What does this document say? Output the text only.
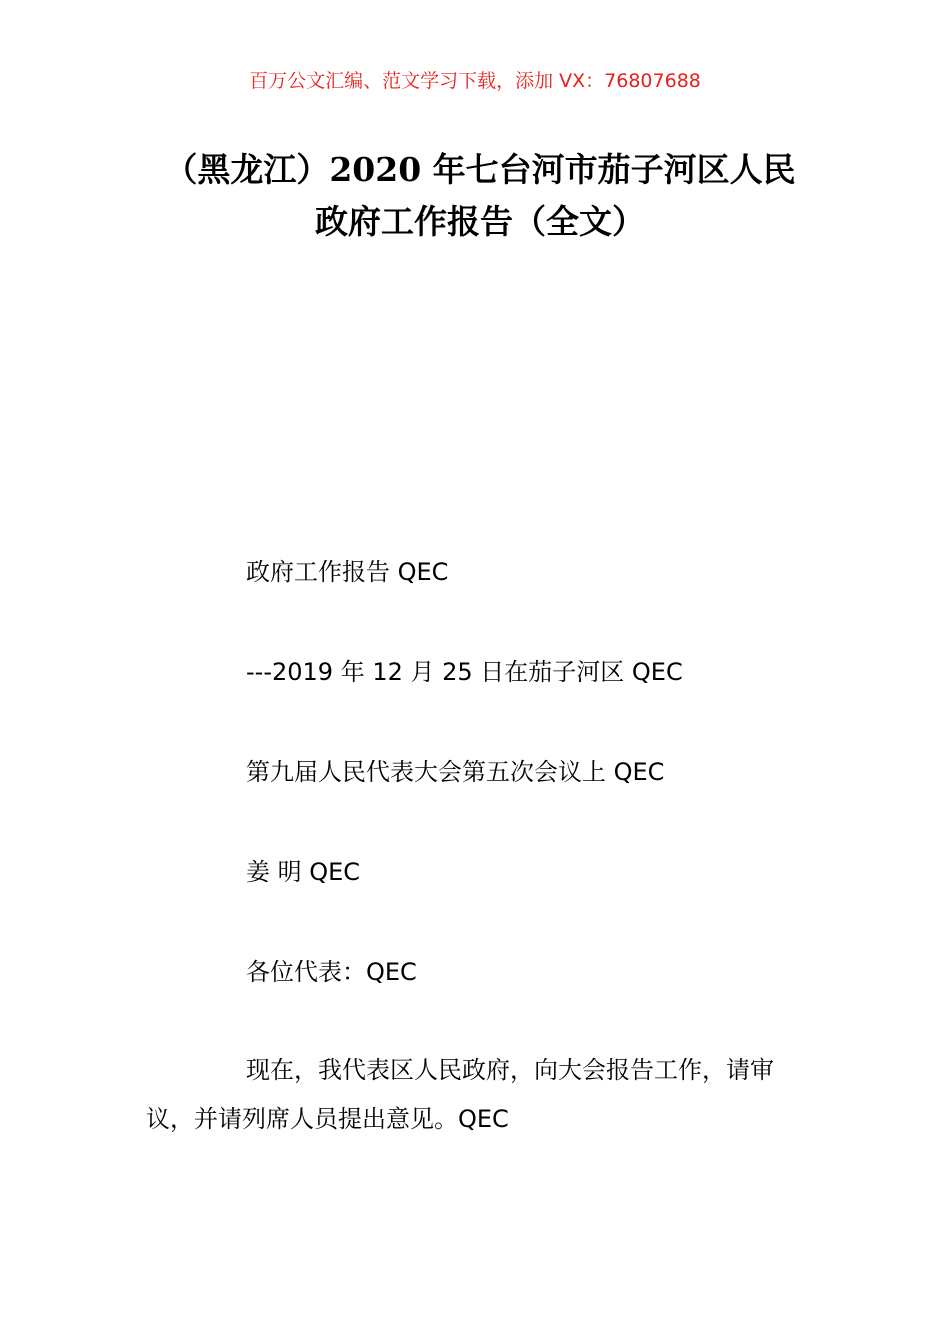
百万公文汇编、范文学习下载，添加 VX：76807688
（黑龙江）2020 年七台河市茄子河区人民
政府工作报告（全文）
政府工作报告 QEC
---2019 年 12 月 25 日在茄子河区 QEC
第九届人民代表大会第五次会议上 QEC
姜 明 QEC
各位代表：QEC
现在，我代表区人民政府，向大会报告工作，请审议，并请列席人员提出意见。QEC
